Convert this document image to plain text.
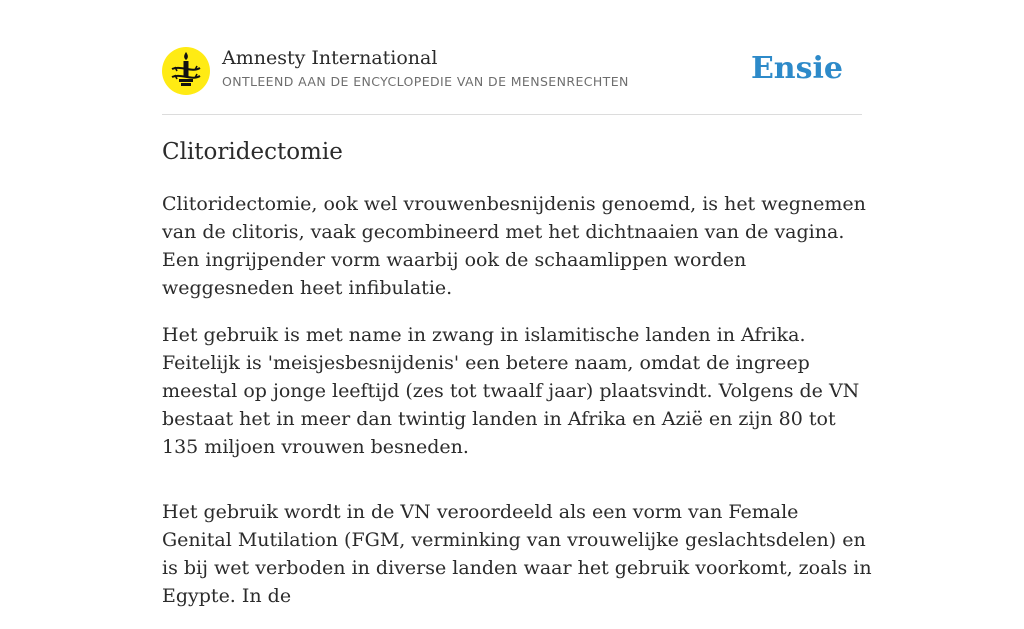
Amnesty International
ONTLEEND AAN DE ENCYCLOPEDIE VAN DE MENSENRECHTEN	Ensie
Clitoridectomie

Clitoridectomie, ook wel vrouwenbesnijdenis genoemd, is het wegnemen van de clitoris, vaak gecombineerd met het dichtnaaien van de vagina. Een ingrijpender vorm waarbij ook de schaamlippen worden weggesneden heet infibulatie.

Het gebruik is met name in zwang in islamitische landen in Afrika. Feitelijk is 'meisjesbesnijdenis' een betere naam, omdat de ingreep meestal op jonge leeftijd (zes tot twaalf jaar) plaatsvindt. Volgens de VN bestaat het in meer dan twintig landen in Afrika en Azië en zijn 80 tot 135 miljoen vrouwen besneden.

Het gebruik wordt in de VN veroordeeld als een vorm van Female Genital Mutilation (FGM, verminking van vrouwelijke geslachtsdelen) en is bij wet verboden in diverse landen waar het gebruik voorkomt, zoals in Egypte. In de
